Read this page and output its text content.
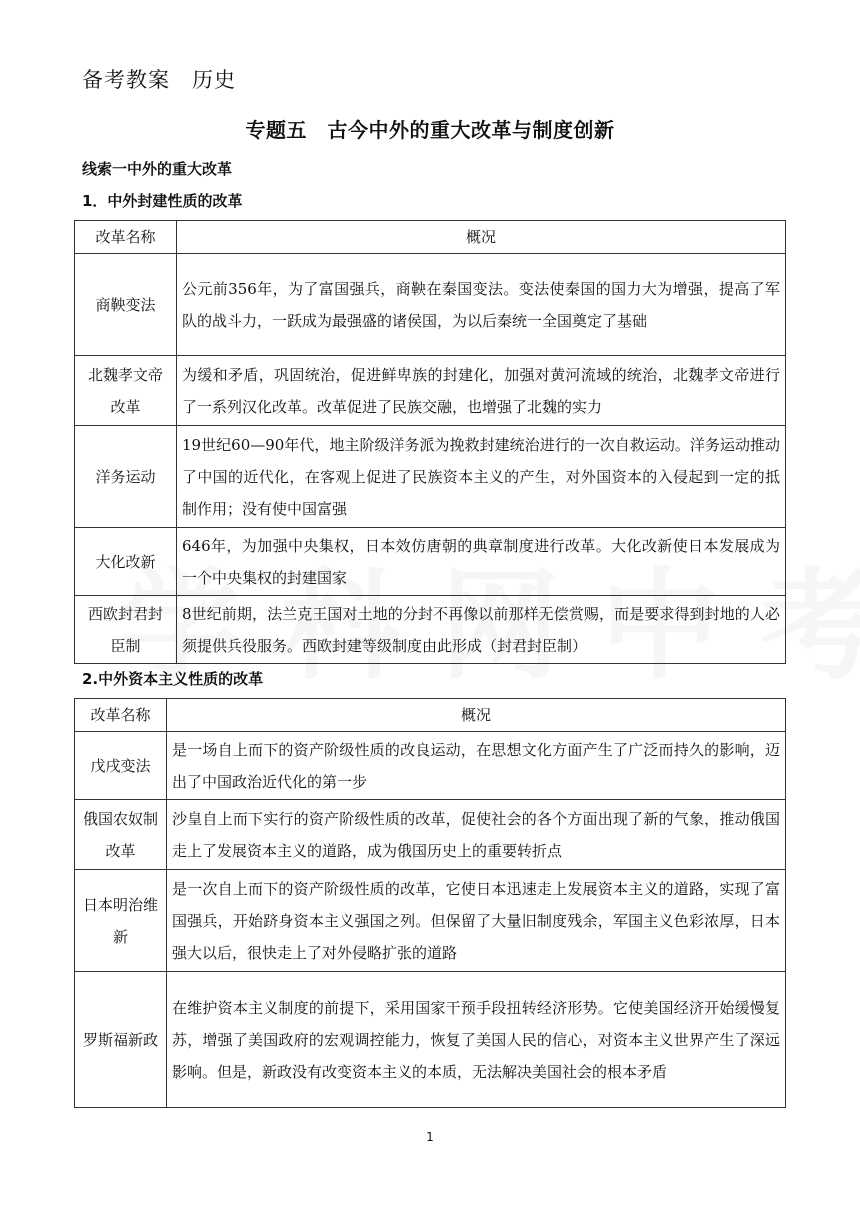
备考教案　历史
专题五　古今中外的重大改革与制度创新
线索一中外的重大改革
1．中外封建性质的改革
改革名称	概况
商鞅变法	公元前356年，为了富国强兵，商鞅在秦国变法。变法使秦国的国力大为增强，提高了军队的战斗力，一跃成为最强盛的诸侯国，为以后秦统一全国奠定了基础
北魏孝文帝改革	为缓和矛盾，巩固统治，促进鲜卑族的封建化，加强对黄河流域的统治，北魏孝文帝进行了一系列汉化改革。改革促进了民族交融，也增强了北魏的实力
洋务运动	19世纪60—90年代，地主阶级洋务派为挽救封建统治进行的一次自救运动。洋务运动推动了中国的近代化，在客观上促进了民族资本主义的产生，对外国资本的入侵起到一定的抵制作用；没有使中国富强
大化改新	646年，为加强中央集权，日本效仿唐朝的典章制度进行改革。大化改新使日本发展成为一个中央集权的封建国家
西欧封君封臣制	8世纪前期，法兰克王国对土地的分封不再像以前那样无偿赏赐，而是要求得到封地的人必须提供兵役服务。西欧封建等级制度由此形成（封君封臣制）
2.中外资本主义性质的改革
改革名称	概况
戊戌变法	是一场自上而下的资产阶级性质的改良运动，在思想文化方面产生了广泛而持久的影响，迈出了中国政治近代化的第一步
俄国农奴制改革	沙皇自上而下实行的资产阶级性质的改革，促使社会的各个方面出现了新的气象，推动俄国走上了发展资本主义的道路，成为俄国历史上的重要转折点
日本明治维新	是一次自上而下的资产阶级性质的改革，它使日本迅速走上发展资本主义的道路，实现了富国强兵，开始跻身资本主义强国之列。但保留了大量旧制度残余，军国主义色彩浓厚，日本强大以后，很快走上了对外侵略扩张的道路
罗斯福新政	在维护资本主义制度的前提下，采用国家干预手段扭转经济形势。它使美国经济开始缓慢复苏，增强了美国政府的宏观调控能力，恢复了美国人民的信心，对资本主义世界产生了深远影响。但是，新政没有改变资本主义的本质，无法解决美国社会的根本矛盾
1
